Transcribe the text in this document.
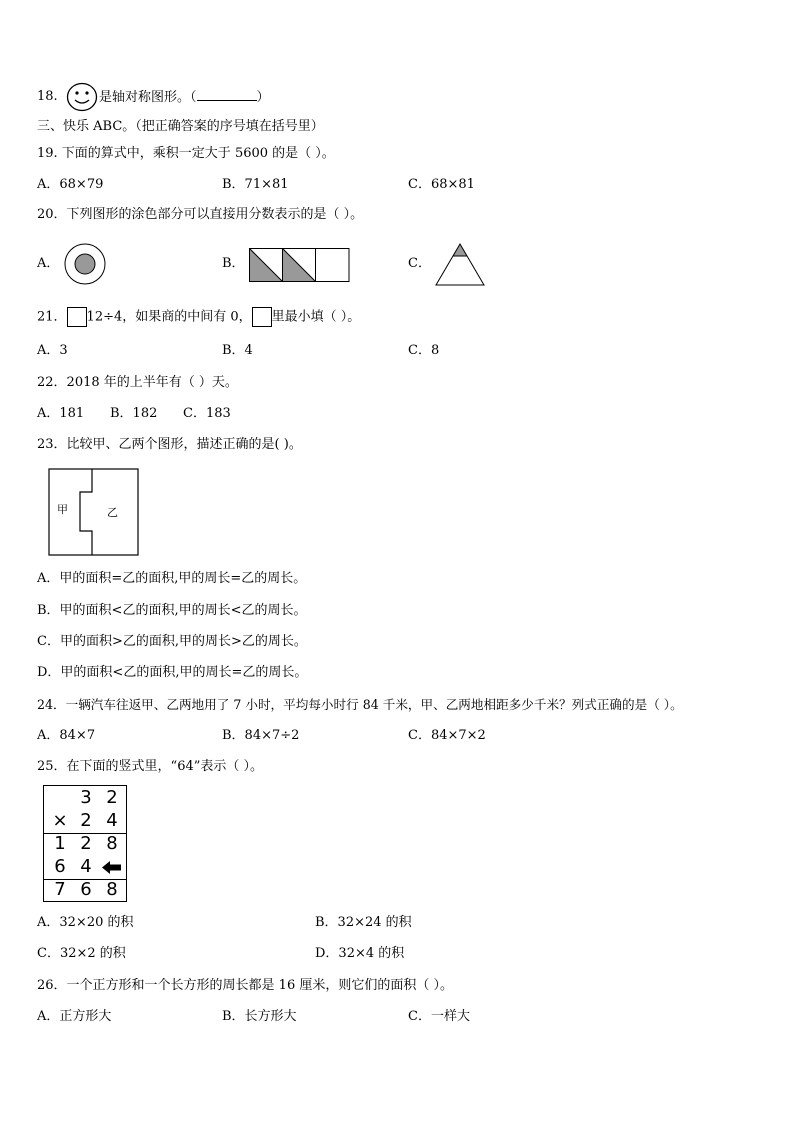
18.	是轴对称图形。（	）
三、快乐 ABC。（把正确答案的序号填在括号里）
19. 下面的算式中，乘积一定大于 5600 的是（ ）。
A．68×79	B．71×81	C．68×81
20．下列图形的涂色部分可以直接用分数表示的是（ ）。
A．	B．	C．
21． 12÷4，如果商的中间有 0， 里最小填（ ）。
A．3	B．4	C．8
22．2018 年的上半年有（ ）天。
A．181 B．182 C．183
23．比较甲、乙两个图形，描述正确的是( )。
甲	乙
A．甲的面积=乙的面积,甲的周长=乙的周长。
B．甲的面积<乙的面积,甲的周长<乙的周长。
C．甲的面积>乙的面积,甲的周长>乙的周长。
D．甲的面积<乙的面积,甲的周长=乙的周长。
24．一辆汽车往返甲、乙两地用了 7 小时，平均每小时行 84 千米，甲、乙两地相距多少千米？列式正确的是（ ）。
A．84×7	B．84×7÷2	C．84×7×2
25．在下面的竖式里，“64”表示（ ）。
3 2
× 2 4
1 2 8
6 4
7 6 8
A．32×20 的积	B．32×24 的积
C．32×2 的积	D．32×4 的积
26．一个正方形和一个长方形的周长都是 16 厘米，则它们的面积（ ）。
A．正方形大	B．长方形大	C．一样大
